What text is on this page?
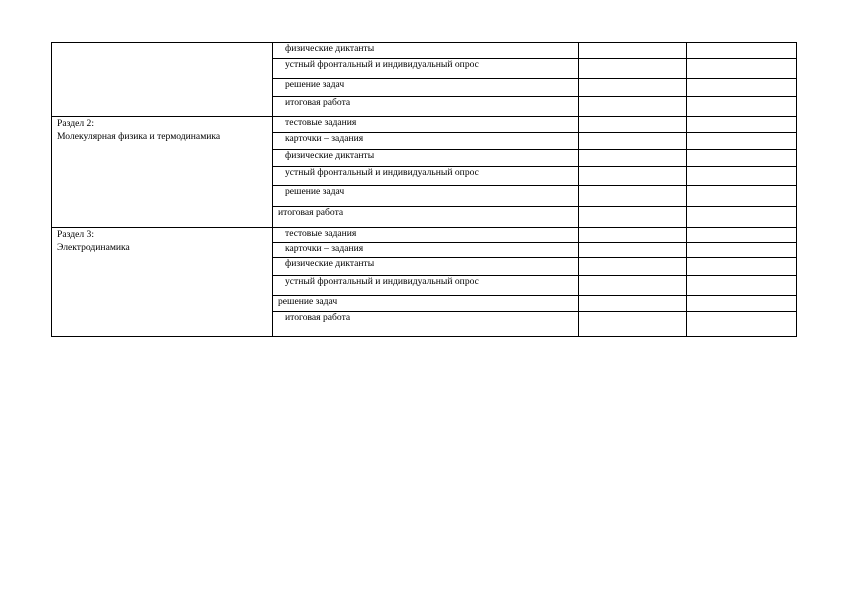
	физические диктанты		

	устный фронтальный и индивидуальный опрос		

	решение задач		

	итоговая работа		

Раздел 2:
Молекулярная физика и термодинамика	тестовые задания		

	карточки – задания		

	физические диктанты		

	устный фронтальный и индивидуальный опрос		

	решение задач		

	итоговая работа		

Раздел 3:
Электродинамика	тестовые задания		

	карточки – задания		

	физические диктанты		

	устный фронтальный и индивидуальный опрос		

	решение задач		

	итоговая работа		
